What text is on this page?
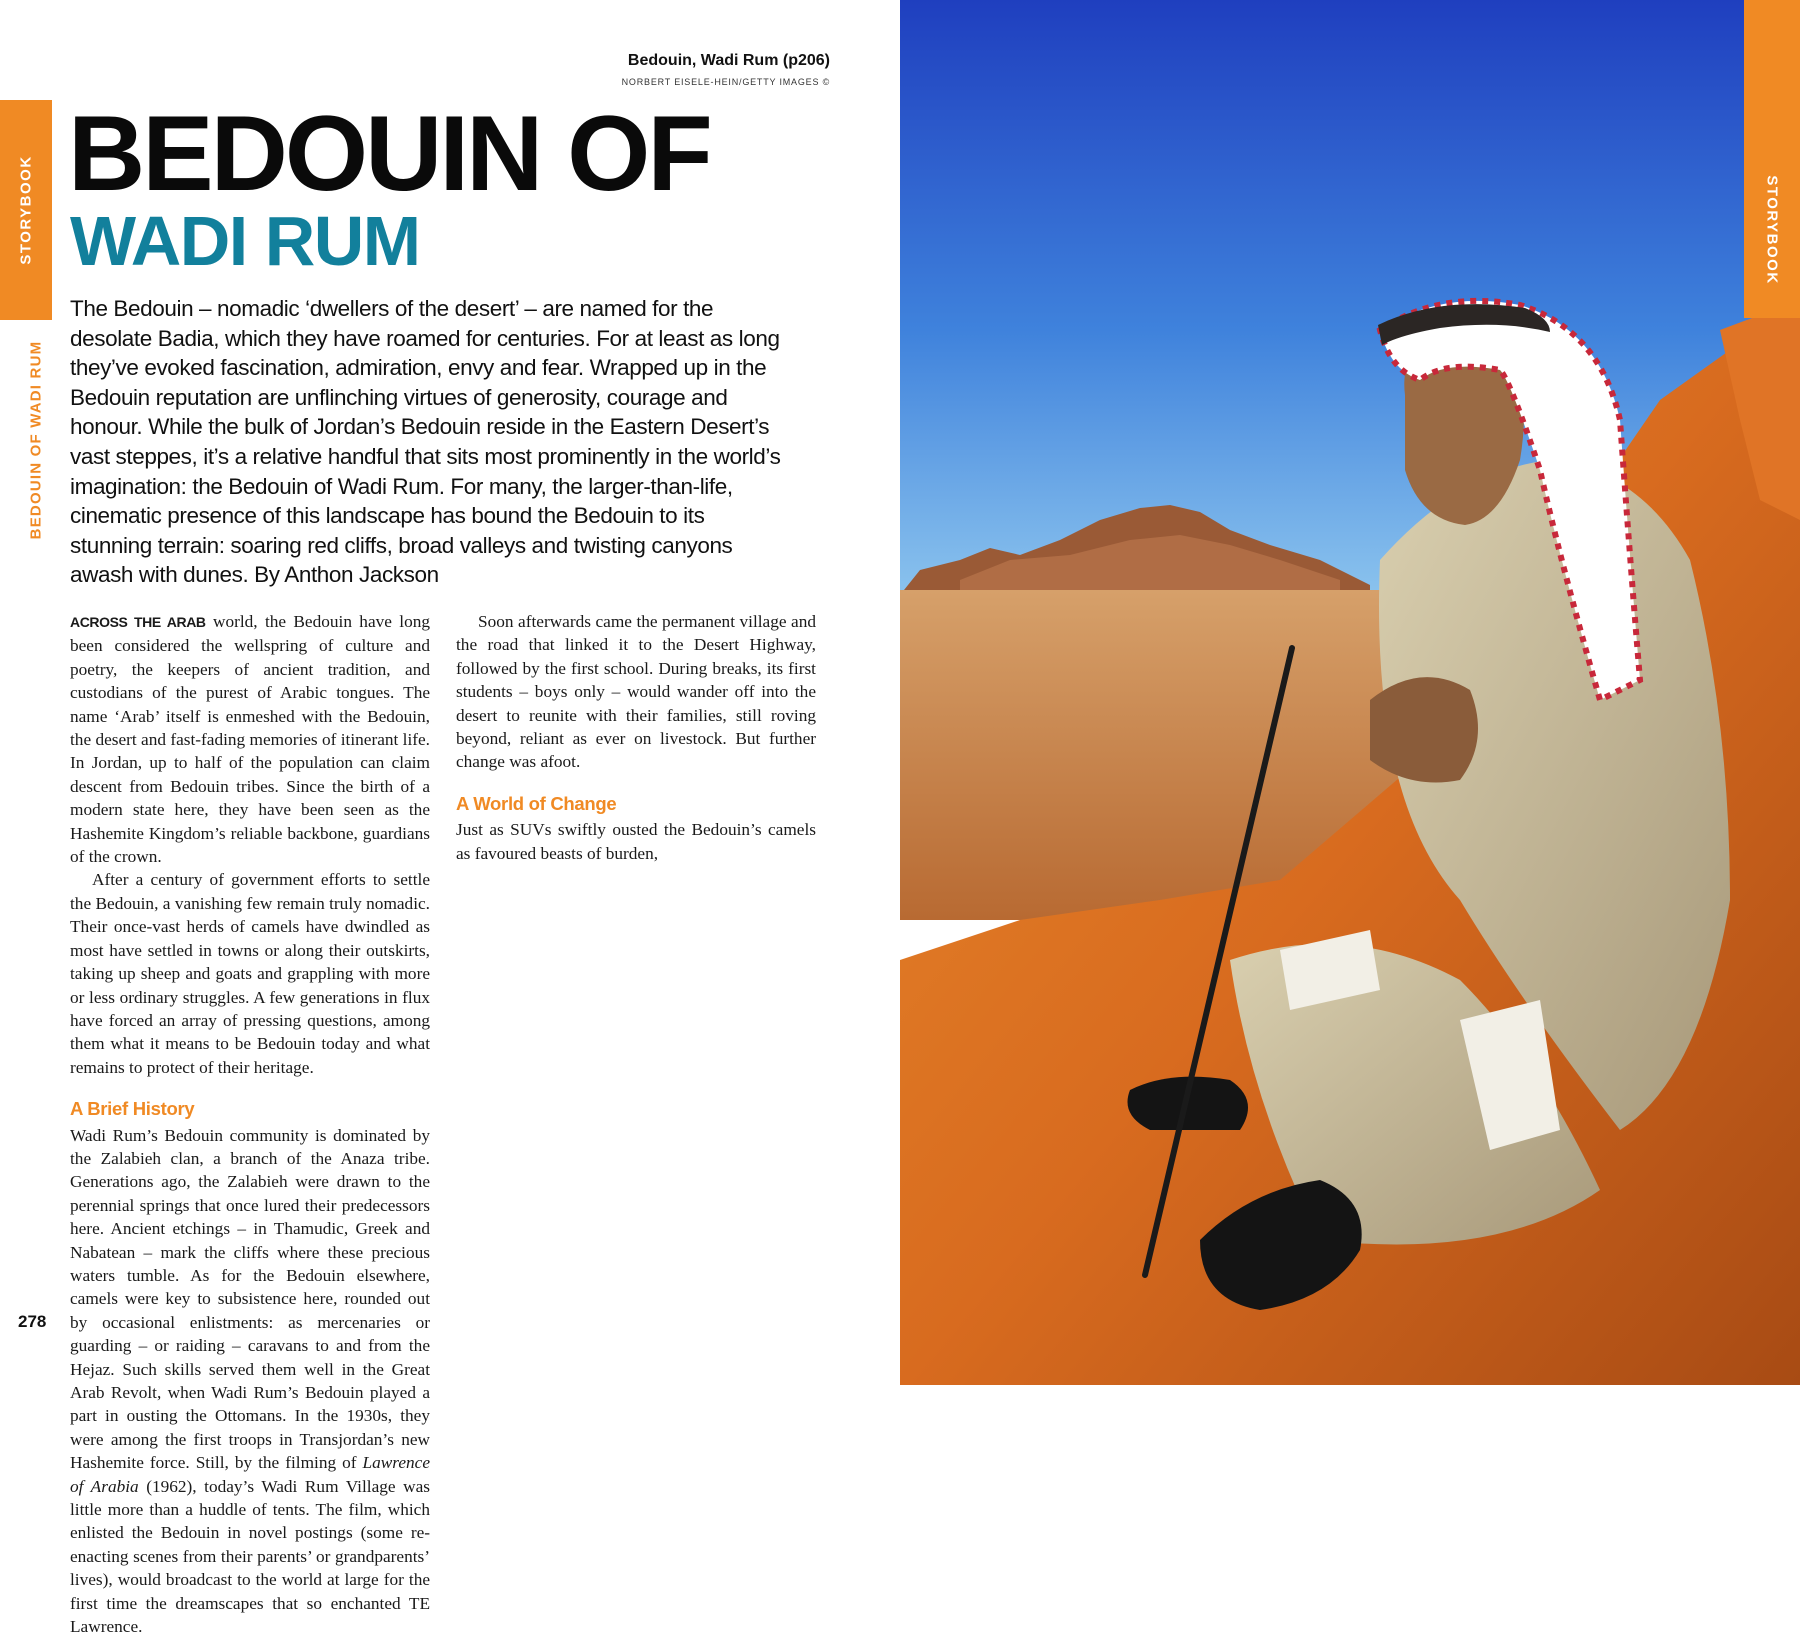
STORYBOOK
BEDOUIN OF WADI RUM
278
Bedouin, Wadi Rum (p206)
NORBERT EISELE-HEIN/GETTY IMAGES ©
BEDOUIN OF
WADI RUM
The Bedouin – nomadic ‘dwellers of the desert’ – are named for the desolate Badia, which they have roamed for centuries. For at least as long they’ve evoked fascination, admiration, envy and fear. Wrapped up in the Bedouin reputation are unflinching virtues of generosity, courage and honour. While the bulk of Jordan’s Bedouin reside in the Eastern Desert’s vast steppes, it’s a relative handful that sits most prominently in the world’s imagination: the Bedouin of Wadi Rum. For many, the larger-than-life, cinematic presence of this landscape has bound the Bedouin to its stunning terrain: soaring red cliffs, broad valleys and twisting canyons awash with dunes. By Anthon Jackson

ACROSS THE ARAB world, the Bedouin have long been considered the wellspring of culture and poetry, the keepers of ancient tradition, and custodians of the purest of Arabic tongues. The name ‘Arab’ itself is enmeshed with the Bedouin, the desert and fast-fading memories of itinerant life. In Jordan, up to half of the population can claim descent from Bedouin tribes. Since the birth of a modern state here, they have been seen as the Hashemite Kingdom’s reliable backbone, guardians of the crown.

After a century of government efforts to settle the Bedouin, a vanishing few remain truly nomadic. Their once-vast herds of camels have dwindled as most have settled in towns or along their outskirts, taking up sheep and goats and grappling with more or less ordinary struggles. A few generations in flux have forced an array of pressing questions, among them what it means to be Bedouin today and what remains to protect of their heritage.

A Brief History

Wadi Rum’s Bedouin community is dominated by the Zalabieh clan, a branch of the Anaza tribe. Generations ago, the Zalabieh were drawn to the perennial springs that once lured their predecessors here. Ancient etchings – in Thamudic, Greek and Nabatean – mark the cliffs where these precious waters tumble. As for the Bedouin elsewhere, camels were key to subsistence here, rounded out by occasional enlistments: as mercenaries or guarding – or raiding – caravans to and from the Hejaz. Such skills served them well in the Great Arab Revolt, when Wadi Rum’s Bedouin played a part in ousting the Ottomans. In the 1930s, they were among the first troops in Transjordan’s new Hashemite force. Still, by the filming of Lawrence of Arabia (1962), today’s Wadi Rum Village was little more than a huddle of tents. The film, which enlisted the Bedouin in novel postings (some re-enacting scenes from their parents’ or grandparents’ lives), would broadcast to the world at large for the first time the dreamscapes that so enchanted TE Lawrence.

Soon afterwards came the permanent village and the road that linked it to the Desert Highway, followed by the first school. During breaks, its first students – boys only – would wander off into the desert to reunite with their families, still roving beyond, reliant as ever on livestock. But further change was afoot.

A World of Change

Just as SUVs swiftly ousted the Bedouin’s camels as favoured beasts of burden,

STORYBOOK
